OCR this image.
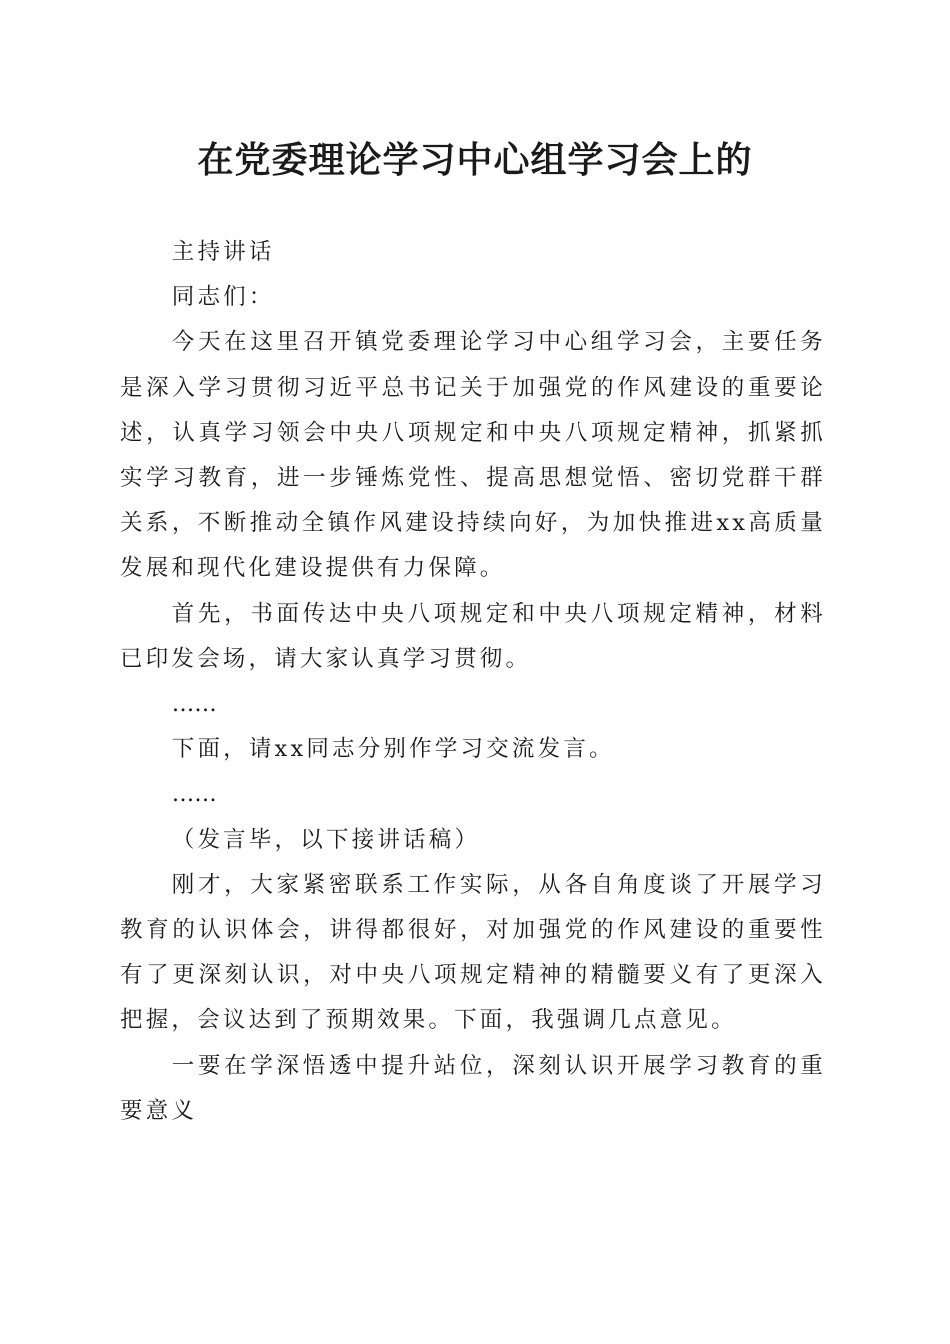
在党委理论学习中心组学习会上的

主持讲话

同志们：

今天在这里召开镇党委理论学习中心组学习会，主要任务是深入学习贯彻习近平总书记关于加强党的作风建设的重要论述，认真学习领会中央八项规定和中央八项规定精神，抓紧抓实学习教育，进一步锤炼党性、提高思想觉悟、密切党群干群关系，不断推动全镇作风建设持续向好，为加快推进xx高质量发展和现代化建设提供有力保障。

首先，书面传达中央八项规定和中央八项规定精神，材料已印发会场，请大家认真学习贯彻。

……

下面，请xx同志分别作学习交流发言。

……

（发言毕，以下接讲话稿）

刚才，大家紧密联系工作实际，从各自角度谈了开展学习教育的认识体会，讲得都很好，对加强党的作风建设的重要性有了更深刻认识，对中央八项规定精神的精髓要义有了更深入把握，会议达到了预期效果。下面，我强调几点意见。

一要在学深悟透中提升站位，深刻认识开展学习教育的重要意义
